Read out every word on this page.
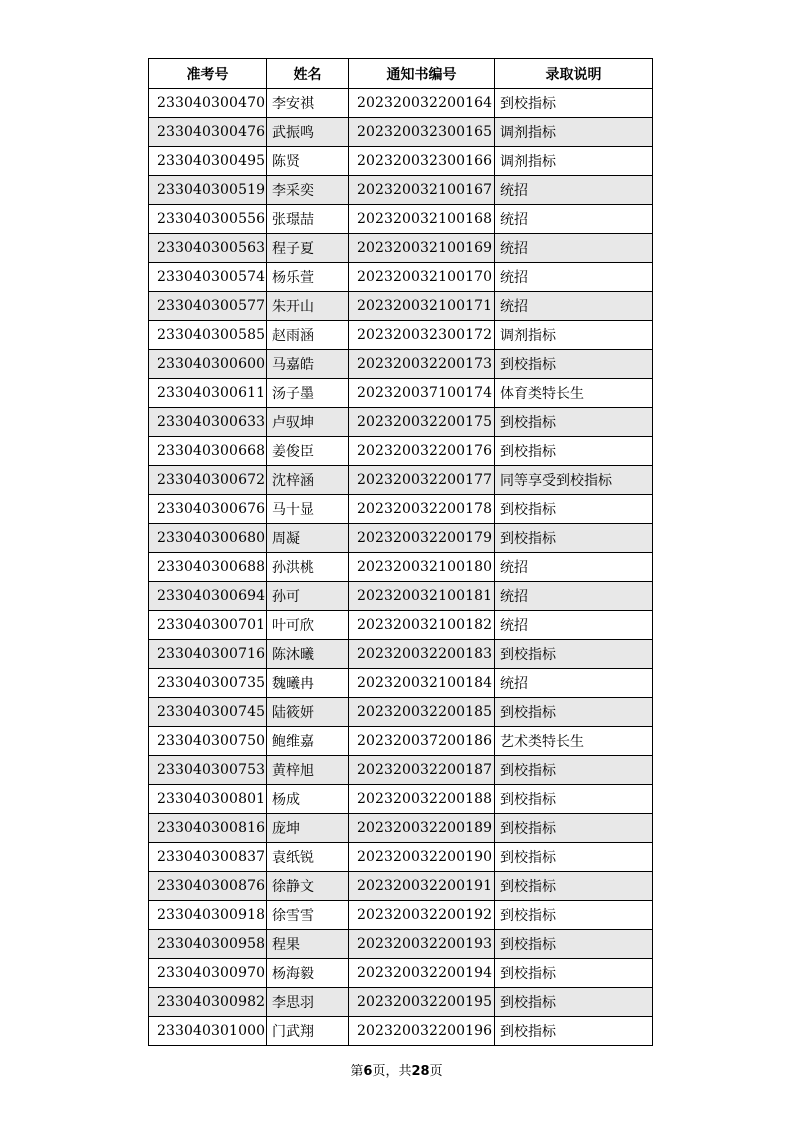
准考号	姓名	通知书编号	录取说明
233040300470	李安祺	202320032200164	到校指标
233040300476	武振鸣	202320032300165	调剂指标
233040300495	陈贤	202320032300166	调剂指标
233040300519	李采奕	202320032100167	统招
233040300556	张璟喆	202320032100168	统招
233040300563	程子夏	202320032100169	统招
233040300574	杨乐萱	202320032100170	统招
233040300577	朱开山	202320032100171	统招
233040300585	赵雨涵	202320032300172	调剂指标
233040300600	马嘉皓	202320032200173	到校指标
233040300611	汤子墨	202320037100174	体育类特长生
233040300633	卢驭坤	202320032200175	到校指标
233040300668	姜俊臣	202320032200176	到校指标
233040300672	沈梓涵	202320032200177	同等享受到校指标
233040300676	马十显	202320032200178	到校指标
233040300680	周凝	202320032200179	到校指标
233040300688	孙洪桃	202320032100180	统招
233040300694	孙可	202320032100181	统招
233040300701	叶可欣	202320032100182	统招
233040300716	陈沐曦	202320032200183	到校指标
233040300735	魏曦冉	202320032100184	统招
233040300745	陆筱妍	202320032200185	到校指标
233040300750	鲍维嘉	202320037200186	艺术类特长生
233040300753	黄梓旭	202320032200187	到校指标
233040300801	杨成	202320032200188	到校指标
233040300816	庞坤	202320032200189	到校指标
233040300837	袁纸锐	202320032200190	到校指标
233040300876	徐静文	202320032200191	到校指标
233040300918	徐雪雪	202320032200192	到校指标
233040300958	程果	202320032200193	到校指标
233040300970	杨海毅	202320032200194	到校指标
233040300982	李思羽	202320032200195	到校指标
233040301000	门武翔	202320032200196	到校指标
第6页，共28页
